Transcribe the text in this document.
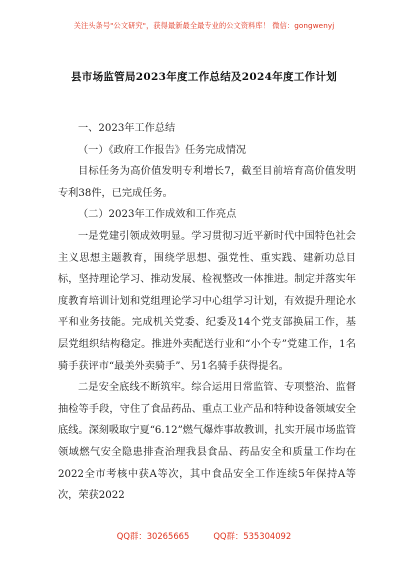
关注头条号"公文研究"，获得最新最全最专业的公文资料库！ 微信：gongwenyj
县市场监管局2023年度工作总结及2024年度工作计划

一、2023年工作总结

（一）《政府工作报告》任务完成情况

目标任务为高价值发明专利增长7，截至目前培育高价值发明专利38件，已完成任务。

（二）2023年工作成效和工作亮点

一是党建引领成效明显。学习贯彻习近平新时代中国特色社会主义思想主题教育，围绕学思想、强党性、重实践、建新功总目标，坚持理论学习、推动发展、检视整改一体推进。制定并落实年度教育培训计划和党组理论学习中心组学习计划，有效提升理论水平和业务技能。完成机关党委、纪委及14个党支部换届工作，基层党组织结构稳定。推进外卖配送行业和“小个专”党建工作，1名骑手获评市“最美外卖骑手”、另1名骑手获得提名。

二是安全底线不断筑牢。综合运用日常监管、专项整治、监督抽检等手段，守住了食品药品、重点工业产品和特种设备领域安全底线。深刻吸取宁夏“6.12”燃气爆炸事故教训，扎实开展市场监管领域燃气安全隐患排查治理我县食品、药品安全和质量工作均在2022全市考核中获A等次，其中食品安全工作连续5年保持A等次，荣获2022

QQ群：30265665	QQ群：535304092
